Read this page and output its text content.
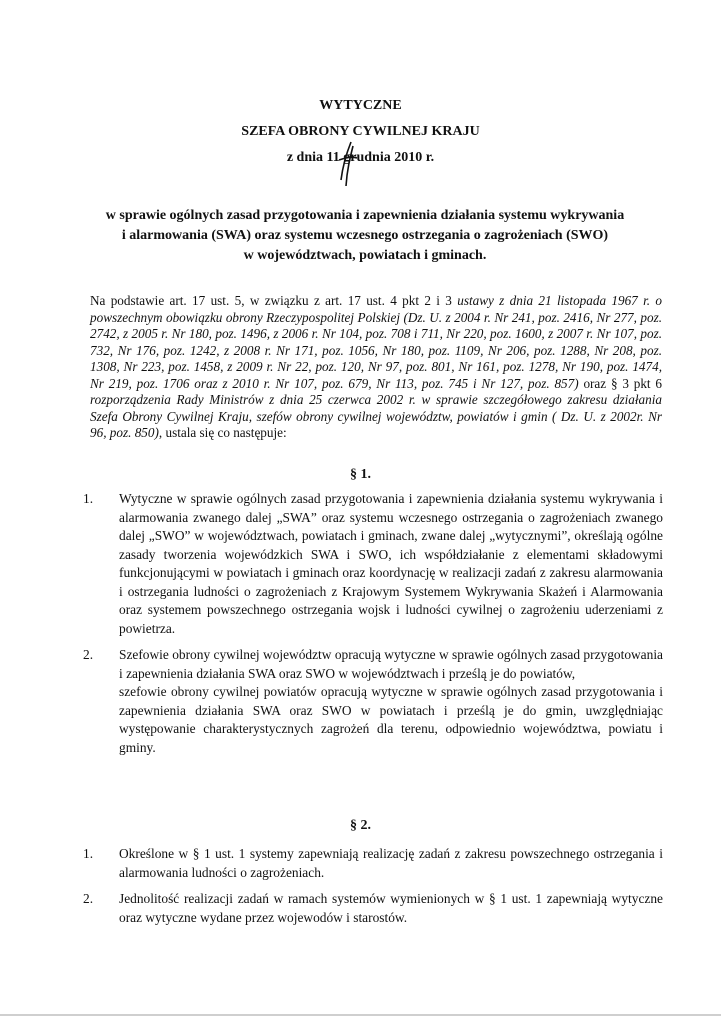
WYTYCZNE
SZEFA OBRONY CYWILNEJ KRAJU
z dnia 11 grudnia 2010 r.
w sprawie ogólnych zasad przygotowania i zapewnienia działania systemu wykrywania
i alarmowania (SWA) oraz systemu wczesnego ostrzegania o zagrożeniach (SWO)
w województwach, powiatach i gminach.
Na podstawie art. 17 ust. 5, w związku z art. 17 ust. 4 pkt 2 i 3 ustawy z dnia 21 listopada 1967 r. o powszechnym obowiązku obrony Rzeczypospolitej Polskiej (Dz. U. z 2004 r. Nr 241, poz. 2416, Nr 277, poz. 2742, z 2005 r. Nr 180, poz. 1496, z 2006 r. Nr 104, poz. 708 i 711, Nr 220, poz. 1600, z 2007 r. Nr 107, poz. 732, Nr 176, poz. 1242, z 2008 r. Nr 171, poz. 1056, Nr 180, poz. 1109, Nr 206, poz. 1288, Nr 208, poz. 1308, Nr 223, poz. 1458, z 2009 r. Nr 22, poz. 120, Nr 97, poz. 801, Nr 161, poz. 1278, Nr 190, poz. 1474, Nr 219, poz. 1706 oraz z 2010 r. Nr 107, poz. 679, Nr 113, poz. 745 i Nr 127, poz. 857) oraz § 3 pkt 6 rozporządzenia Rady Ministrów z dnia 25 czerwca 2002 r. w sprawie szczegółowego zakresu działania Szefa Obrony Cywilnej Kraju, szefów obrony cywilnej województw, powiatów i gmin ( Dz. U. z 2002r. Nr 96, poz. 850), ustala się co następuje:
§ 1.
1.	Wytyczne w sprawie ogólnych zasad przygotowania i zapewnienia działania systemu wykrywania i alarmowania zwanego dalej „SWA” oraz systemu wczesnego ostrzegania o zagrożeniach zwanego dalej „SWO” w województwach, powiatach i gminach, zwane dalej „wytycznymi”, określają ogólne zasady tworzenia wojewódzkich SWA i SWO, ich współdziałanie z elementami składowymi funkcjonującymi w powiatach i gminach oraz koordynację w realizacji zadań z zakresu alarmowania i ostrzegania ludności o zagrożeniach z Krajowym Systemem Wykrywania Skażeń i Alarmowania oraz systemem powszechnego ostrzegania wojsk i ludności cywilnej o zagrożeniu uderzeniami z powietrza.
2.	Szefowie obrony cywilnej województw opracują wytyczne w sprawie ogólnych zasad przygotowania i zapewnienia działania SWA oraz SWO w województwach i prześlą je do powiatów,

szefowie obrony cywilnej powiatów opracują wytyczne w sprawie ogólnych zasad przygotowania i zapewnienia działania SWA oraz SWO w powiatach i prześlą je do gmin, uwzględniając występowanie charakterystycznych zagrożeń dla terenu, odpowiednio województwa, powiatu i gminy.

§ 2.
1.	Określone w § 1 ust. 1 systemy zapewniają realizację zadań z zakresu powszechnego ostrzegania i alarmowania ludności o zagrożeniach.
2.	Jednolitość realizacji zadań w ramach systemów wymienionych w § 1 ust. 1 zapewniają wytyczne oraz wytyczne wydane przez wojewodów i starostów.
